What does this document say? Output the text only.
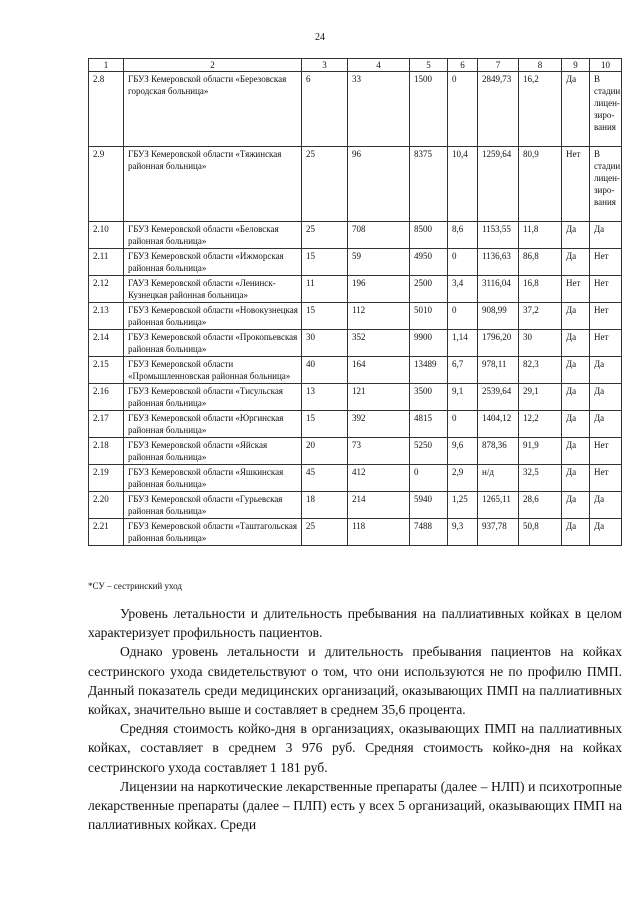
24
1	2	3	4	5	6	7	8	9	10
2.8	ГБУЗ Кемеровской области «Березовская городская больница»	6	33	1500	0	2849,73	16,2	Да	В стадии лицен-зиро-вания
2.9	ГБУЗ Кемеровской области «Тяжинская районная больница»	25	96	8375	10,4	1259,64	80,9	Нет	В стадии лицен-зиро-вания
2.10	ГБУЗ Кемеровской области «Беловская районная больница»	25	708	8500	8,6	1153,55	11,8	Да	Да
2.11	ГБУЗ Кемеровской области «Ижморская районная больница»	15	59	4950	0	1136,63	86,8	Да	Нет
2.12	ГАУЗ Кемеровской области «Ленинск-Кузнецкая районная больница»	11	196	2500	3,4	3116,04	16,8	Нет	Нет
2.13	ГБУЗ Кемеровской области «Новокузнецкая районная больница»	15	112	5010	0	908,99	37,2	Да	Нет
2.14	ГБУЗ Кемеровской области «Прокопьевская районная больница»	30	352	9900	1,14	1796,20	30	Да	Нет
2.15	ГБУЗ Кемеровской области «Промышленновская районная больница»	40	164	13489	6,7	978,11	82,3	Да	Да
2.16	ГБУЗ Кемеровской области «Тисульская районная больница»	13	121	3500	9,1	2539,64	29,1	Да	Да
2.17	ГБУЗ Кемеровской области «Юргинская районная больница»	15	392	4815	0	1404,12	12,2	Да	Да
2.18	ГБУЗ Кемеровской области «Яйская районная больница»	20	73	5250	9,6	878,36	91,9	Да	Нет
2.19	ГБУЗ Кемеровской области «Яшкинская районная больница»	45	412	0	2,9	н/д	32,5	Да	Нет
2.20	ГБУЗ Кемеровской области «Гурьевская районная больница»	18	214	5940	1,25	1265,11	28,6	Да	Да
2.21	ГБУЗ Кемеровской области «Таштагольская районная больница»	25	118	7488	9,3	937,78	50,8	Да	Да
*СУ – сестринский уход

Уровень летальности и длительность пребывания на паллиативных койках в целом характеризует профильность пациентов.

Однако уровень летальности и длительность пребывания пациентов на койках сестринского ухода свидетельствуют о том, что они используются не по профилю ПМП. Данный показатель среди медицинских организаций, оказывающих ПМП на паллиативных койках, значительно выше и составляет в среднем 35,6 процента.

Средняя стоимость койко-дня в организациях, оказывающих ПМП на паллиативных койках, составляет в среднем 3 976 руб. Средняя стоимость койко-дня на койках сестринского ухода составляет 1 181 руб.

Лицензии на наркотические лекарственные препараты (далее – НЛП) и психотропные лекарственные препараты (далее – ПЛП) есть у всех 5 организаций, оказывающих ПМП на паллиативных койках. Среди
